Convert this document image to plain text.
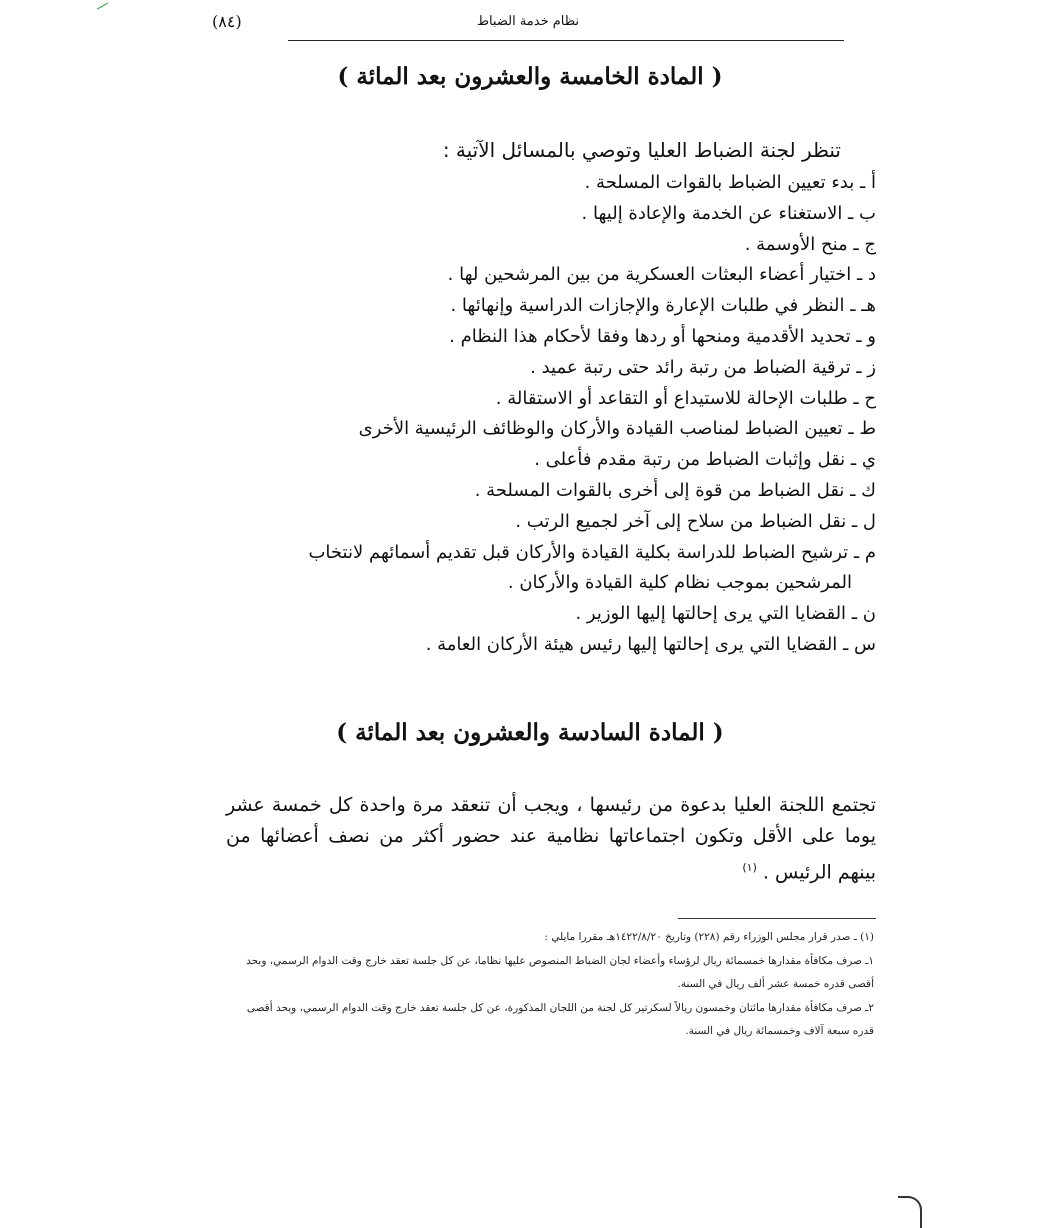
(٨٤)	نظام خدمة الضباط
( المادة الخامسة والعشرون بعد المائة )

تنظر لجنة الضباط العليا وتوصي بالمسائل الآتية :

أ ـ بدء تعيين الضباط بالقوات المسلحة .
ب ـ الاستغناء عن الخدمة والإعادة إليها .
ج ـ منح الأوسمة .
د ـ اختيار أعضاء البعثات العسكرية من بين المرشحين لها .
هـ ـ النظر في طلبات الإعارة والإجازات الدراسية وإنهائها .
و ـ تحديد الأقدمية ومنحها أو ردها وفقا لأحكام هذا النظام .
ز ـ ترقية الضباط من رتبة رائد حتى رتبة عميد .
ح ـ طلبات الإحالة للاستيداع أو التقاعد أو الاستقالة .
ط ـ تعيين الضباط لمناصب القيادة والأركان والوظائف الرئيسية الأخرى
ي ـ نقل وإثبات الضباط من رتبة مقدم فأعلى .
ك ـ نقل الضباط من قوة إلى أخرى بالقوات المسلحة .
ل ـ نقل الضباط من سلاح إلى آخر لجميع الرتب .
م ـ ترشيح الضباط للدراسة بكلية القيادة والأركان قبل تقديم أسمائهم لانتخاب
المرشحين بموجب نظام كلية القيادة والأركان .
ن ـ القضايا التي يرى إحالتها إليها الوزير .
س ـ القضايا التي يرى إحالتها إليها رئيس هيئة الأركان العامة .
( المادة السادسة والعشرون بعد المائة )

تجتمع اللجنة العليا بدعوة من رئيسها ، ويجب أن تنعقد مرة واحدة كل خمسة عشر يوما على الأقل وتكون اجتماعاتها نظامية عند حضور أكثر من نصف أعضائها من بينهم الرئيس . $^{(١)}$

(١) ـ صدر قرار مجلس الوزراء رقم (٢٢٨) وتاريخ ١٤٢٢/٨/٢٠هـ مقررا مايلي :
١ـ صرف مكافأة مقدارها خمسمائة ريال لرؤساء وأعضاء لجان الضباط المنصوص عليها نظاما، عن كل جلسة تعقد خارج وقت الدوام الرسمي، وبحد
أقصى قدره خمسة عشر ألف ريال في السنة.
٢ـ صرف مكافأة مقدارها مائتان وخمسون ريالاً لسكرتير كل لجنة من اللجان المذكورة، عن كل جلسة تعقد خارج وقت الدوام الرسمي، وبحد أقصى
قدره سبعة آلاف وخمسمائة ريال في السنة.
